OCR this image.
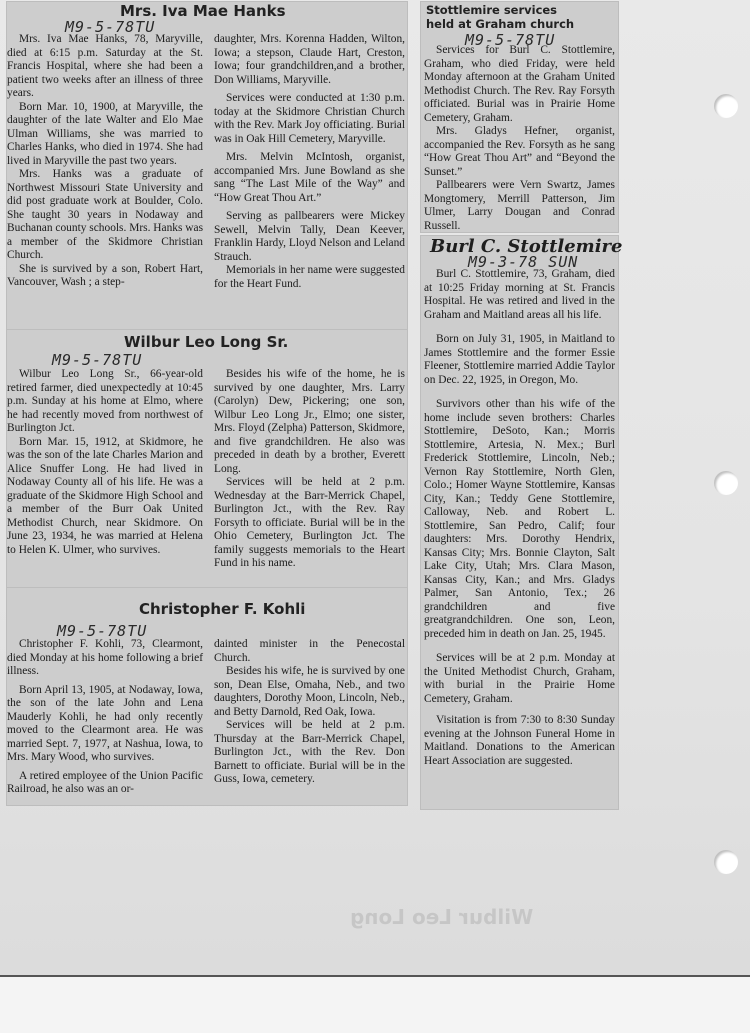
Wilbur Leo Long
Mrs. Iva Mae Hanks
M9-5-78TU

Mrs. Iva Mae Hanks, 78, Maryville, died at 6:15 p.m. Saturday at the St. Francis Hospital, where she had been a patient two weeks after an illness of three years.

Born Mar. 10, 1900, at Maryville, the daughter of the late Walter and Elo Mae Ulman Williams, she was married to Charles Hanks, who died in 1974. She had lived in Maryville the past two years.

Mrs. Hanks was a graduate of Northwest Missouri State University and did post graduate work at Boulder, Colo. She taught 30 years in Nodaway and Buchanan county schools. Mrs. Hanks was a member of the Skidmore Christian Church.

She is survived by a son, Robert Hart, Vancouver, Wash ; a step-

daughter, Mrs. Korenna Hadden, Wilton, Iowa; a stepson, Claude Hart, Creston, Iowa; four grandchildren,and a brother, Don Williams, Maryville.

Services were conducted at 1:30 p.m. today at the Skidmore Christian Church with the Rev. Mark Joy officiating. Burial was in Oak Hill Cemetery, Maryville.

Mrs. Melvin McIntosh, organist, accompanied Mrs. June Bowland as she sang “The Last Mile of the Way” and “How Great Thou Art.”

Serving as pallbearers were Mickey Sewell, Melvin Tally, Dean Keever, Franklin Hardy, Lloyd Nelson and Leland Strauch.

Memorials in her name were suggested for the Heart Fund.

Wilbur Leo Long Sr.
M9-5-78TU

Wilbur Leo Long Sr., 66-year-old retired farmer, died unexpectedly at 10:45 p.m. Sunday at his home at Elmo, where he had recently moved from northwest of Burlington Jct.

Born Mar. 15, 1912, at Skidmore, he was the son of the late Charles Marion and Alice Snuffer Long. He had lived in Nodaway County all of his life. He was a graduate of the Skidmore High School and a member of the Burr Oak United Methodist Church, near Skidmore. On June 23, 1934, he was married at Helena to Helen K. Ulmer, who survives.

Besides his wife of the home, he is survived by one daughter, Mrs. Larry (Carolyn) Dew, Pickering; one son, Wilbur Leo Long Jr., Elmo; one sister, Mrs. Floyd (Zelpha) Patterson, Skidmore, and five grandchildren. He also was preceded in death by a brother, Everett Long.

Services will be held at 2 p.m. Wednesday at the Barr-Merrick Chapel, Burlington Jct., with the Rev. Ray Forsyth to officiate. Burial will be in the Ohio Cemetery, Burlington Jct. The family suggests memorials to the Heart Fund in his name.

Christopher F. Kohli
M9-5-78TU

Christopher F. Kohli, 73, Clearmont, died Monday at his home following a brief illness.

Born April 13, 1905, at Nodaway, Iowa, the son of the late John and Lena Mauderly Kohli, he had only recently moved to the Clearmont area. He was married Sept. 7, 1977, at Nashua, Iowa, to Mrs. Mary Wood, who survives.

A retired employee of the Union Pacific Railroad, he also was an or-

dainted minister in the Penecostal Church.

Besides his wife, he is survived by one son, Dean Else, Omaha, Neb., and two daughters, Dorothy Moon, Lincoln, Neb., and Betty Darnold, Red Oak, Iowa.

Services will be held at 2 p.m. Thursday at the Barr-Merrick Chapel, Burlington Jct., with the Rev. Don Barnett to officiate. Burial will be in the Guss, Iowa, cemetery.

Stottlemire services
held at Graham church
M9-5-78TU

Services for Burl C. Stottlemire, Graham, who died Friday, were held Monday afternoon at the Graham United Methodist Church. The Rev. Ray Forsyth officiated. Burial was in Prairie Home Cemetery, Graham.

Mrs. Gladys Hefner, organist, accompanied the Rev. Forsyth as he sang “How Great Thou Art” and “Beyond the Sunset.”

Pallbearers were Vern Swartz, James Mongtomery, Merrill Patterson, Jim Ulmer, Larry Dougan and Conrad Russell.

Burl C. Stottlemire
M9-3-78 SUN

Burl C. Stottlemire, 73, Graham, died at 10:25 Friday morning at St. Francis Hospital. He was retired and lived in the Graham and Maitland areas all his life.

Born on July 31, 1905, in Maitland to James Stottlemire and the former Essie Fleener, Stottlemire married Addie Taylor on Dec. 22, 1925, in Oregon, Mo.

Survivors other than his wife of the home include seven brothers: Charles Stottlemire, DeSoto, Kan.; Morris Stottlemire, Artesia, N. Mex.; Burl Frederick Stottlemire, Lincoln, Neb.; Vernon Ray Stottlemire, North Glen, Colo.; Homer Wayne Stottlemire, Kansas City, Kan.; Teddy Gene Stottlemire, Calloway, Neb. and Robert L. Stottlemire, San Pedro, Calif; four daughters: Mrs. Dorothy Hendrix, Kansas City; Mrs. Bonnie Clayton, Salt Lake City, Utah; Mrs. Clara Mason, Kansas City, Kan.; and Mrs. Gladys Palmer, San Antonio, Tex.; 26 grandchildren and five greatgrandchildren. One son, Leon, preceded him in death on Jan. 25, 1945.

Services will be at 2 p.m. Monday at the United Methodist Church, Graham, with burial in the Prairie Home Cemetery, Graham.

Visitation is from 7:30 to 8:30 Sunday evening at the Johnson Funeral Home in Maitland. Donations to the American Heart Association are suggested.
